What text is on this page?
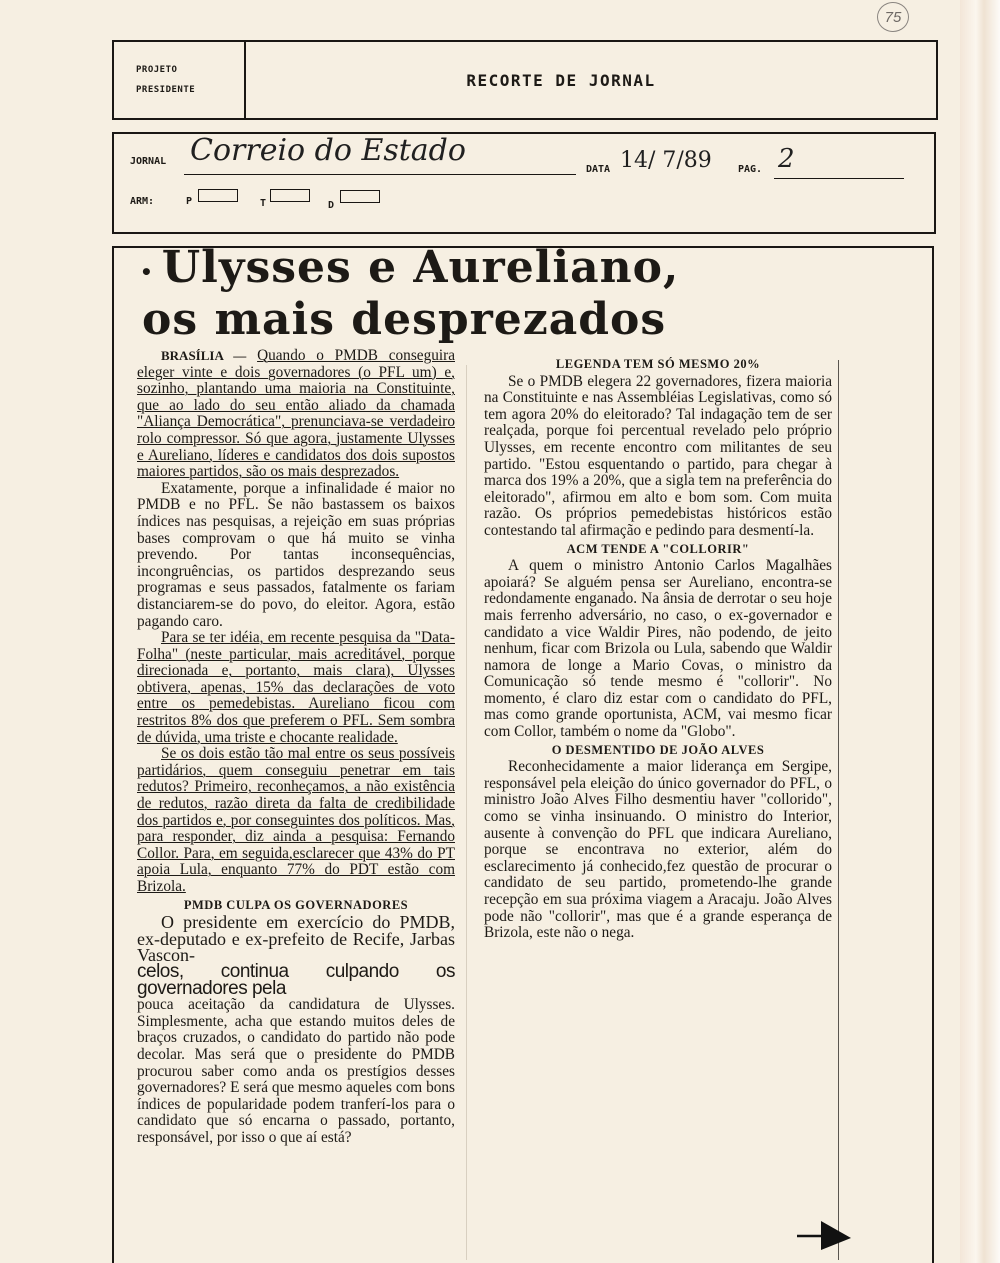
75
PROJETO
PRESIDENTE
RECORTE DE JORNAL
JORNAL Correio do Estado
DATA 14/ 7/89	PAG. 2
ARM:	P	T	D
• Ulysses e Aureliano,
os mais desprezados

BRASÍLIA — Quando o PMDB conseguira eleger vinte e dois governadores (o PFL um) e, sozinho, plantando uma maioria na Constituinte, que ao lado do seu então aliado da chamada "Aliança Democrática", prenunciava-se verdadeiro rolo compressor. Só que agora, justamente Ulysses e Aureliano, líderes e candidatos dos dois supostos maiores partidos, são os mais desprezados.

Exatamente, porque a infinalidade é maior no PMDB e no PFL. Se não bastassem os baixos índices nas pesquisas, a rejeição em suas próprias bases comprovam o que há muito se vinha prevendo. Por tantas inconsequências, incongruências, os partidos desprezando seus programas e seus passados, fatalmente os fariam distanciarem-se do povo, do eleitor. Agora, estão pagando caro.

Para se ter idéia, em recente pesquisa da "Data-Folha" (neste particular, mais acreditável, porque direcionada e, portanto, mais clara), Ulysses obtivera, apenas, 15% das declarações de voto entre os pemedebistas. Aureliano ficou com restritos 8% dos que preferem o PFL. Sem sombra de dúvida, uma triste e chocante realidade.

Se os dois estão tão mal entre os seus possíveis partidários, quem conseguiu penetrar em tais redutos? Primeiro, reconheçamos, a não existência de redutos, razão direta da falta de credibilidade dos partidos e, por conseguintes dos políticos. Mas, para responder, diz ainda a pesquisa: Fernando Collor. Para, em seguida,esclarecer que 43% do PT apoia Lula, enquanto 77% do PDT estão com Brizola.

PMDB CULPA OS GOVERNADORES

O presidente em exercício do PMDB, ex-deputado e ex-prefeito de Recife, Jarbas Vascon-

celos, continua culpando os governadores pela

pouca aceitação da candidatura de Ulysses. Simplesmente, acha que estando muitos deles de braços cruzados, o candidato do partido não pode decolar. Mas será que o presidente do PMDB procurou saber como anda os prestígios desses governadores? E será que mesmo aqueles com bons índices de popularidade podem tranferí-los para o candidato que só encarna o passado, portanto, responsável, por isso o que aí está?

LEGENDA TEM SÓ MESMO 20%

Se o PMDB elegera 22 governadores, fizera maioria na Constituinte e nas Assembléias Legislativas, como só tem agora 20% do eleitorado? Tal indagação tem de ser realçada, porque foi percentual revelado pelo próprio Ulysses, em recente encontro com militantes de seu partido. "Estou esquentando o partido, para chegar à marca dos 19% a 20%, que a sigla tem na preferência do eleitorado", afirmou em alto e bom som. Com muita razão. Os próprios pemedebistas históricos estão contestando tal afirmação e pedindo para desmentí-la.

ACM TENDE A "COLLORIR"

A quem o ministro Antonio Carlos Magalhães apoiará? Se alguém pensa ser Aureliano, encontra-se redondamente enganado. Na ânsia de derrotar o seu hoje mais ferrenho adversário, no caso, o ex-governador e candidato a vice Waldir Pires, não podendo, de jeito nenhum, ficar com Brizola ou Lula, sabendo que Waldir namora de longe a Mario Covas, o ministro da Comunicação só tende mesmo é "collorir". No momento, é claro diz estar com o candidato do PFL, mas como grande oportunista, ACM, vai mesmo ficar com Collor, também o nome da "Globo".

O DESMENTIDO DE JOÃO ALVES

Reconhecidamente a maior liderança em Sergipe, responsável pela eleição do único governador do PFL, o ministro João Alves Filho desmentiu haver "collorido", como se vinha insinuando. O ministro do Interior, ausente à convenção do PFL que indicara Aureliano, porque se encontrava no exterior, além do esclarecimento já conhecido,fez questão de procurar o candidato de seu partido, prometendo-lhe grande recepção em sua próxima viagem a Aracaju. João Alves pode não "collorir", mas que é a grande esperança de Brizola, este não o nega.
